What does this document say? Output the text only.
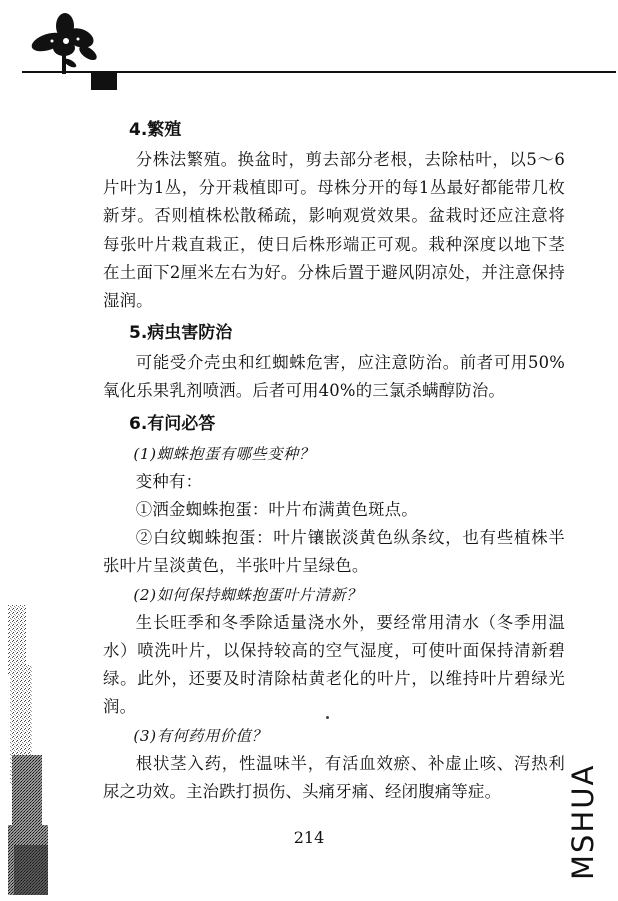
4.繁殖

分株法繁殖。换盆时，剪去部分老根，去除枯叶，以5～6片叶为1丛，分开栽植即可。母株分开的每1丛最好都能带几枚新芽。否则植株松散稀疏，影响观赏效果。盆栽时还应注意将每张叶片栽直栽正，使日后株形端正可观。栽种深度以地下茎在土面下2厘米左右为好。分株后置于避风阴凉处，并注意保持湿润。

5.病虫害防治

可能受介壳虫和红蜘蛛危害，应注意防治。前者可用50%氧化乐果乳剂喷洒。后者可用40%的三氯杀螨醇防治。

6.有问必答

(1)蜘蛛抱蛋有哪些变种？

变种有：

①洒金蜘蛛抱蛋：叶片布满黄色斑点。

②白纹蜘蛛抱蛋：叶片镶嵌淡黄色纵条纹，也有些植株半张叶片呈淡黄色，半张叶片呈绿色。

(2)如何保持蜘蛛抱蛋叶片清新？

生长旺季和冬季除适量浇水外，要经常用清水（冬季用温水）喷洗叶片，以保持较高的空气湿度，可使叶面保持清新碧绿。此外，还要及时清除枯黄老化的叶片，以维持叶片碧绿光润。

(3)有何药用价值？

根状茎入药，性温味半，有活血效瘀、补虚止咳、泻热利尿之功效。主治跌打损伤、头痛牙痛、经闭腹痛等症。

214	MSHUA
